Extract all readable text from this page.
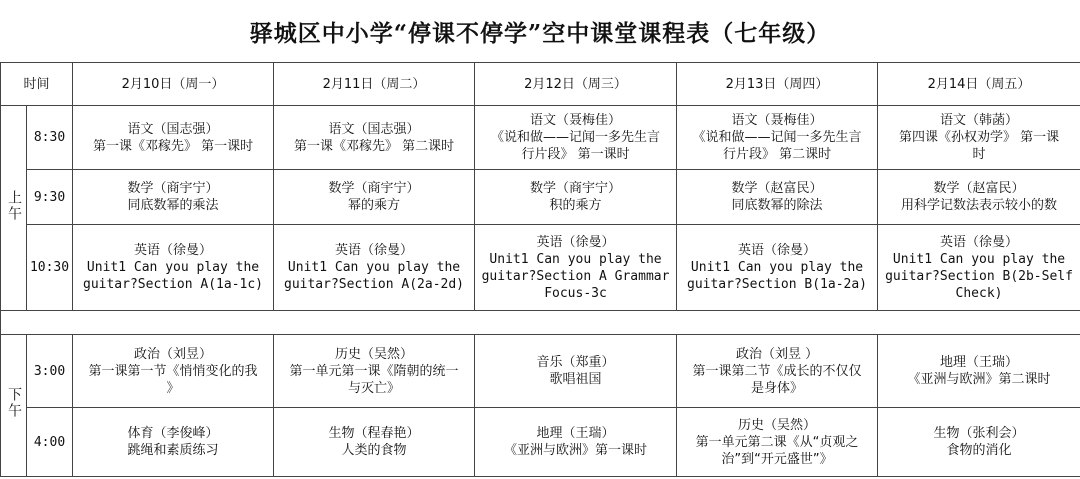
驿城区中小学“停课不停学”空中课堂课程表（七年级）
时间		2月10日（周一）	2月11日（周二）	2月12日（周三）	2月13日（周四）	2月14日（周五）
上午	8:30	语文（国志强）
第一课《邓稼先》 第一课时	语文（国志强）
第一课《邓稼先》 第二课时	语文（聂梅佳）
《说和做——记闻一多先生言
行片段》 第一课时	语文（聂梅佳）
《说和做——记闻一多先生言
行片段》 第二课时	语文（韩菡）
第四课《孙权劝学》 第一课
时

	9:30	数学（商宇宁）
同底数幂的乘法	数学（商宇宁）
幂的乘方	数学（商宇宁）
积的乘方	数学（赵富民）
同底数幂的除法	数学（赵富民）
用科学记数法表示较小的数

	10:30	英语（徐曼）
Unit1 Can you play the
guitar?Section A(1a-1c)	英语（徐曼）
Unit1 Can you play the
guitar?Section A(2a-2d)	英语（徐曼）
Unit1 Can you play the
guitar?Section A Grammar
Focus-3c	英语（徐曼）
Unit1 Can you play the
guitar?Section B(1a-2a)	英语（徐曼）
Unit1 Can you play the
guitar?Section B(2b-Self
Check)

下午	3:00	政治（刘昱）
第一课第一节《悄悄变化的我
》	历史（吴然）
第一单元第一课《隋朝的统一
与灭亡》	音乐（郑重）
歌唱祖国	政治（刘昱 ）
第一课第二节《成长的不仅仅
是身体》	地理（王瑞）
《亚洲与欧洲》第二课时

	4:00	体育（李俊峰）
跳绳和素质练习	生物（程春艳）
人类的食物	地理（王瑞）
《亚洲与欧洲》第一课时	历史（吴然）
第一单元第二课《从“贞观之
治”到“开元盛世”》	生物（张利会）
食物的消化
